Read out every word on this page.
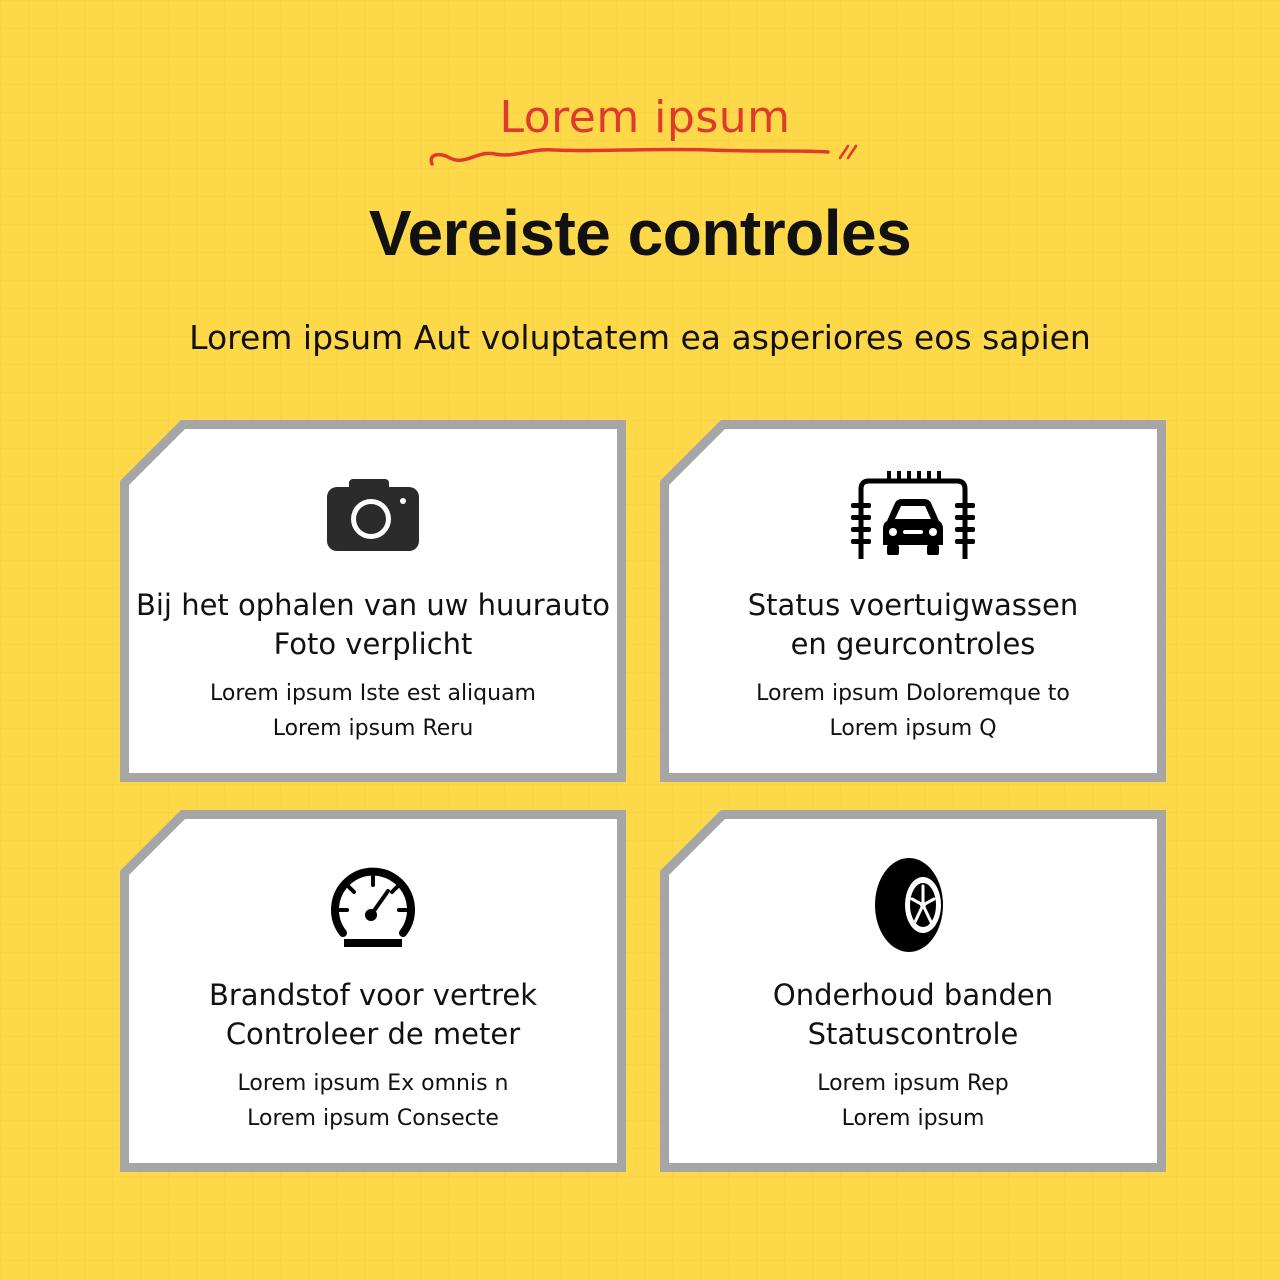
Lorem ipsum
Vereiste controles
Lorem ipsum Aut voluptatem ea asperiores eos sapien
Bij het ophalen van uw huurauto
Foto verplicht
Lorem ipsum Iste est aliquam
Lorem ipsum Reru
Status voertuigwassen
en geurcontroles
Lorem ipsum Doloremque to
Lorem ipsum Q
Brandstof voor vertrek
Controleer de meter
Lorem ipsum Ex omnis n
Lorem ipsum Consecte
Onderhoud banden
Statuscontrole
Lorem ipsum Rep
Lorem ipsum
